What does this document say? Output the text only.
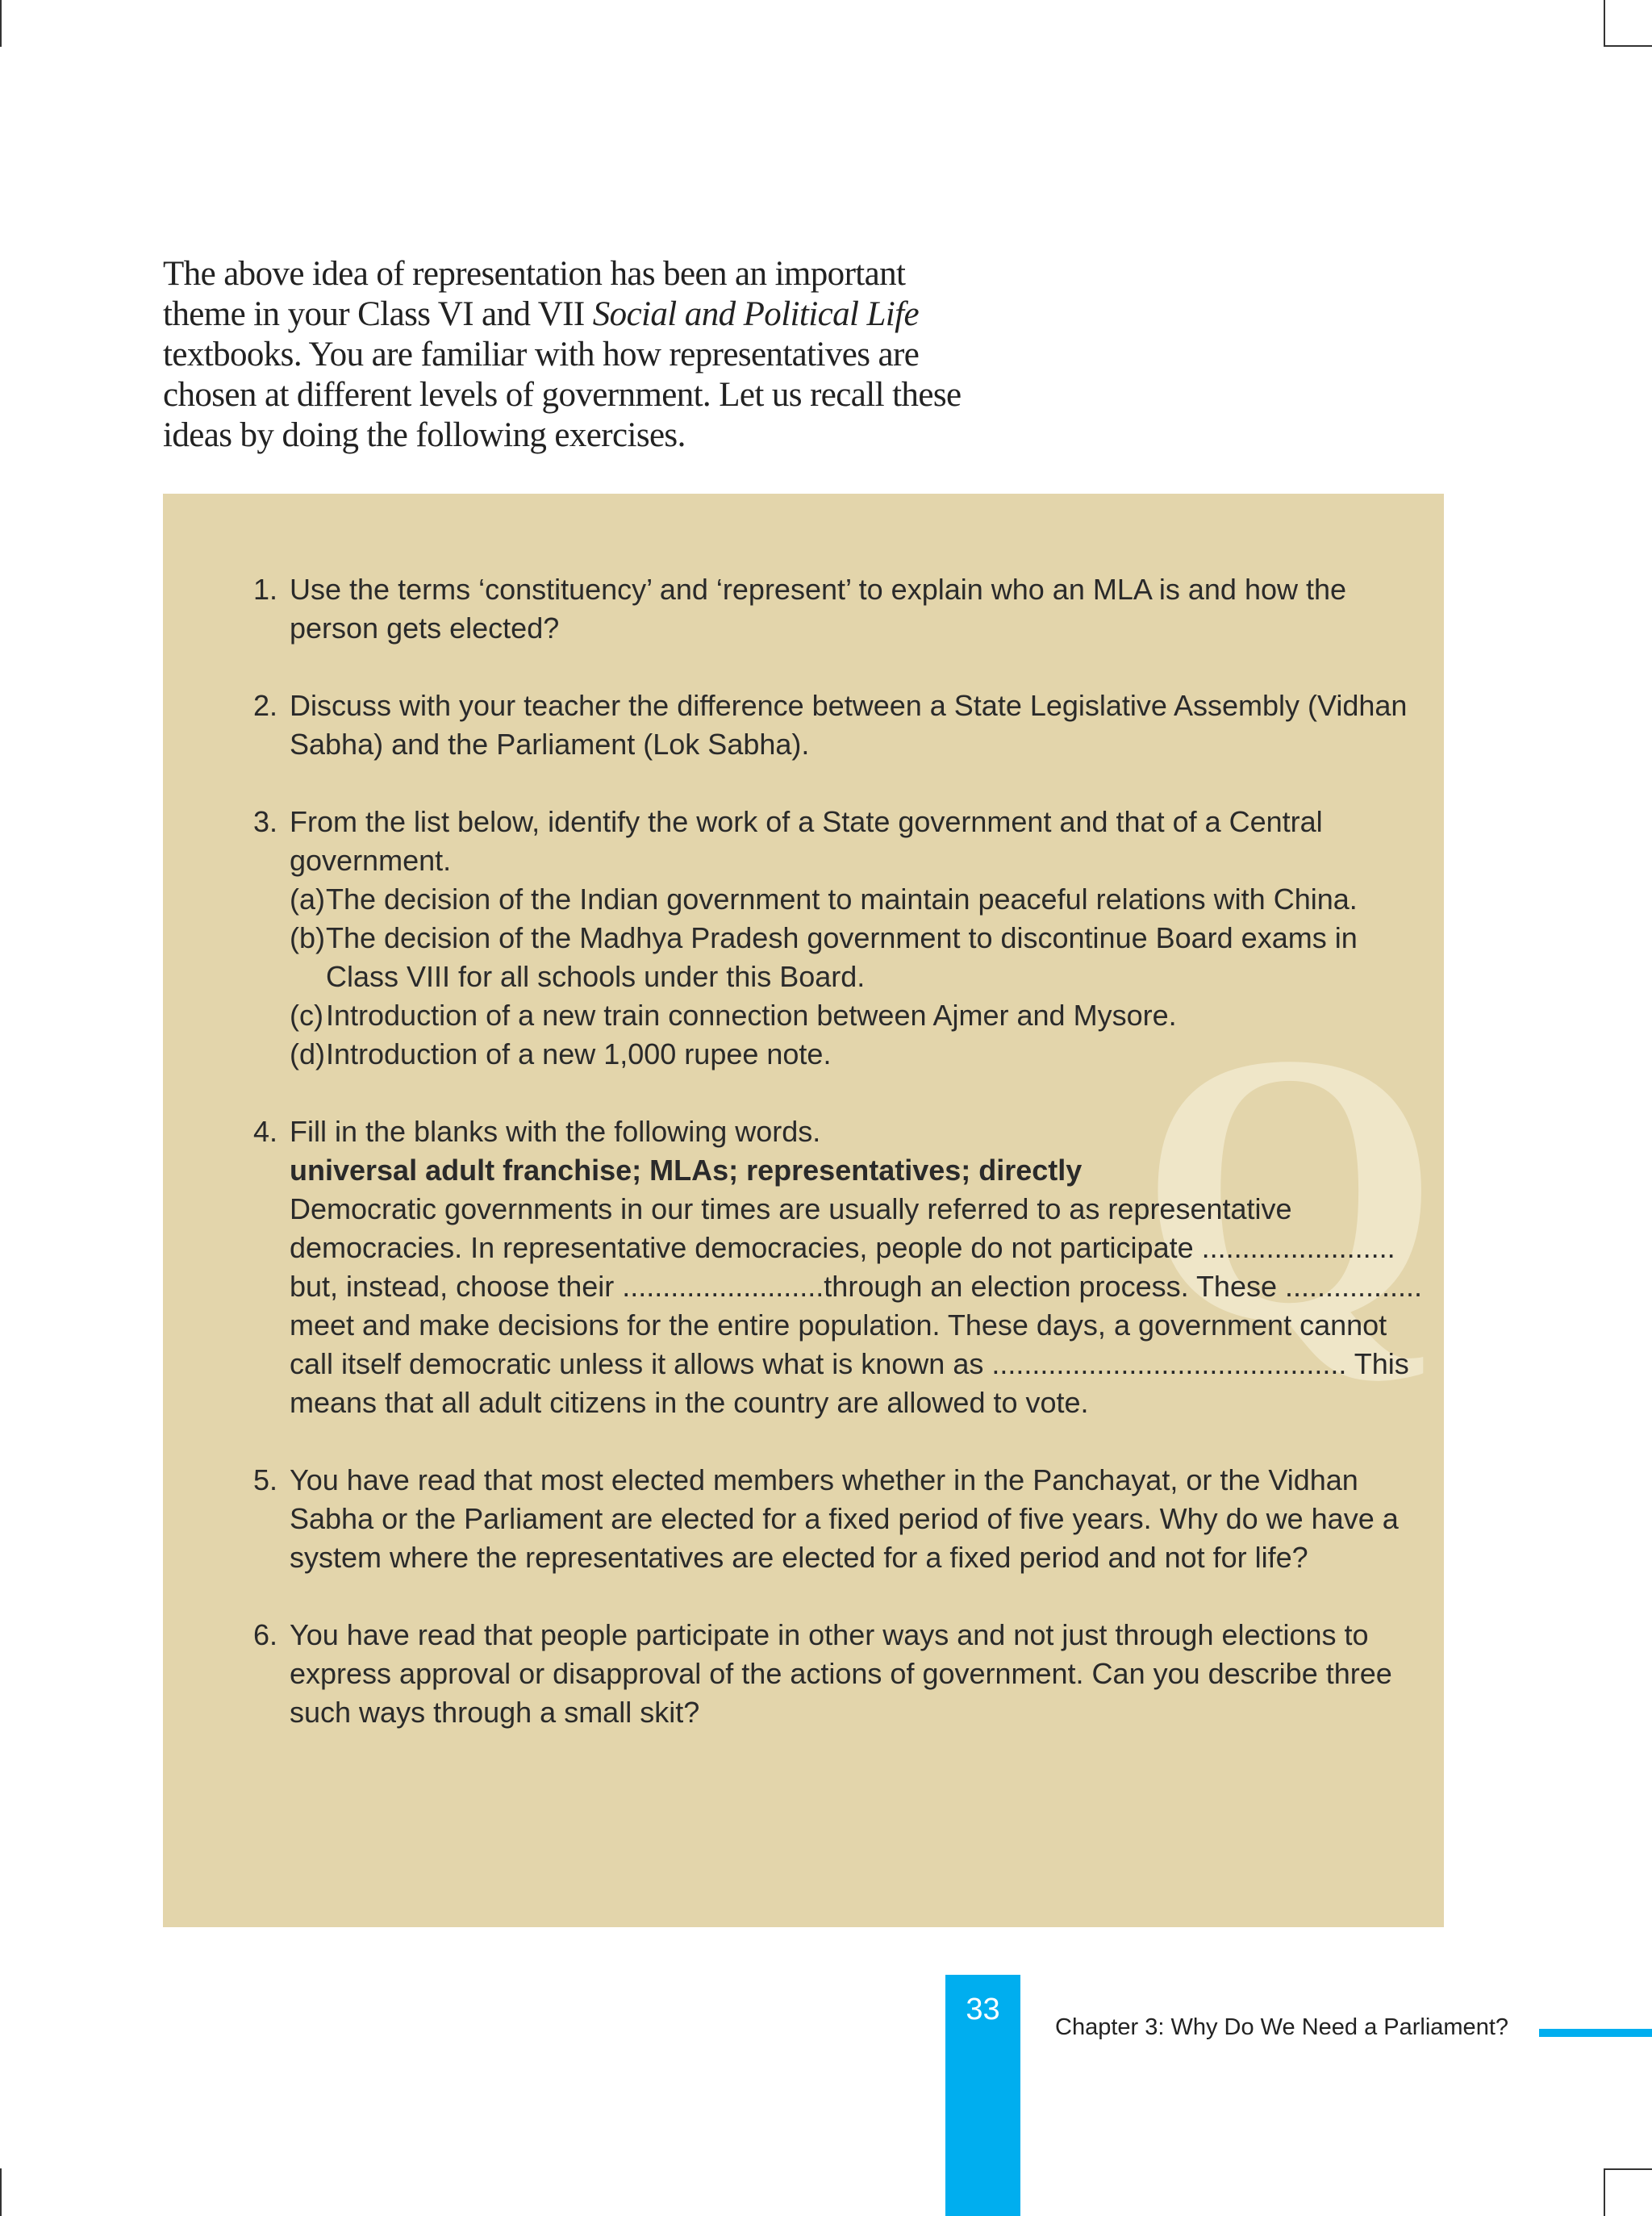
The above idea of representation has been an important theme in your Class VI and VII Social and Political Life textbooks. You are familiar with how representatives are chosen at different levels of government. Let us recall these ideas by doing the following exercises.

Q
1. Use the terms ‘constituency’ and ‘represent’ to explain who an MLA is and how the person gets elected?

2. Discuss with your teacher the difference between a State Legislative Assembly (Vidhan Sabha) and the Parliament (Lok Sabha).

3. From the list below, identify the work of a State government and that of a Central government.

(a) The decision of the Indian government to maintain peaceful relations with China.
(b) The decision of the Madhya Pradesh government to discontinue Board exams in Class VIII for all schools under this Board.
(c) Introduction of a new train connection between Ajmer and Mysore.
(d) Introduction of a new 1,000 rupee note.
4. Fill in the blanks with the following words.

universal adult franchise; MLAs; representatives; directly

Democratic governments in our times are usually referred to as representative democracies. In representative democracies, people do not participate ........................ but, instead, choose their .........................through an election process. These ................. meet and make decisions for the entire population. These days, a government cannot call itself democratic unless it allows what is known as ............................................ This means that all adult citizens in the country are allowed to vote.

5. You have read that most elected members whether in the Panchayat, or the Vidhan Sabha or the Parliament are elected for a fixed period of five years. Why do we have a system where the representatives are elected for a fixed period and not for life?

6. You have read that people participate in other ways and not just through elections to express approval or disapproval of the actions of government. Can you describe three such ways through a small skit?

33
Chapter 3: Why Do We Need a Parliament?
